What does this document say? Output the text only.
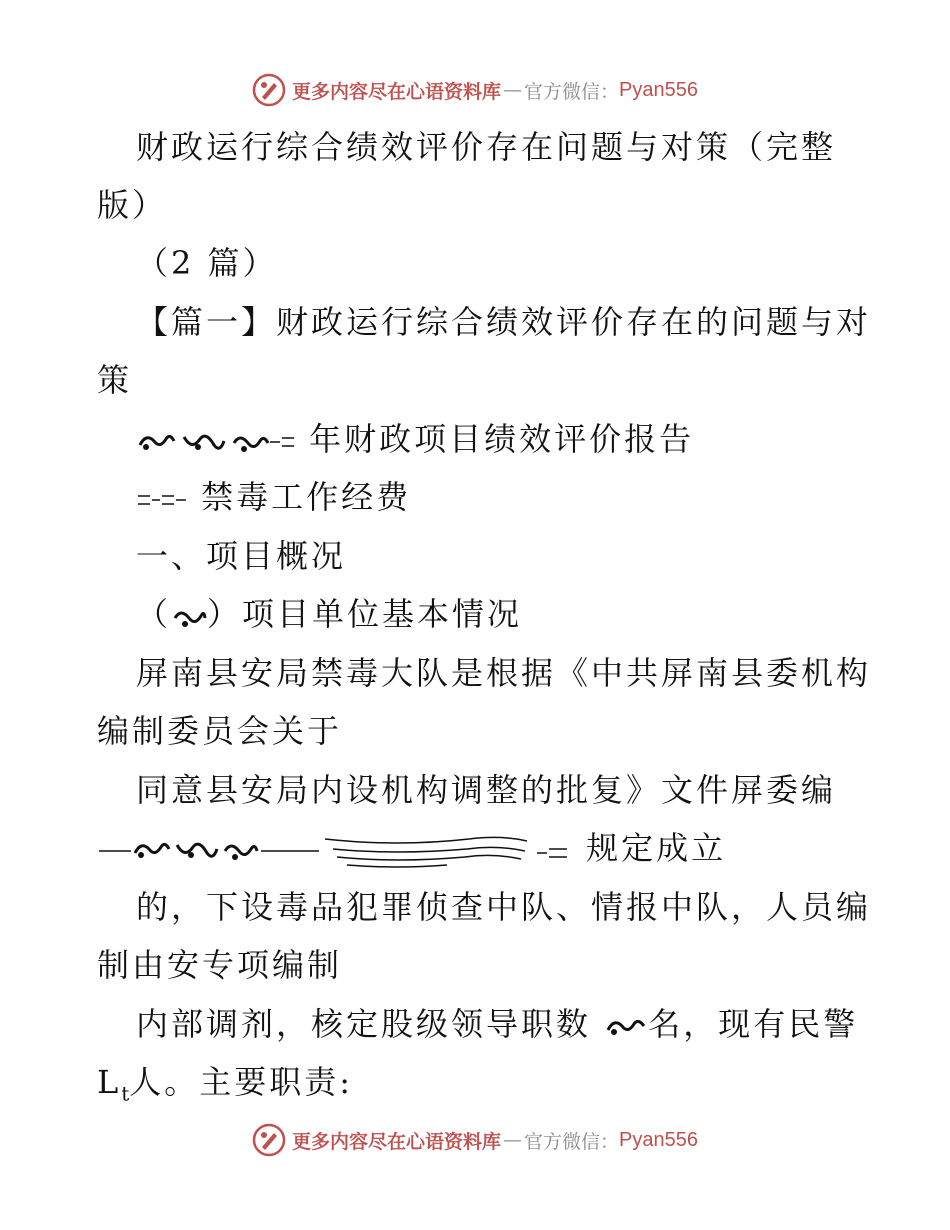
更多内容尽在心语资料库 — 官方微信： Pyan556
财政运行综合绩效评价存在问题与对策（完整
版）
（2 篇）
【篇一】财政运行综合绩效评价存在的问题与对
策
年财政项目绩效评价报告
禁毒工作经费
一、项目概况
（ ）项目单位基本情况
屏南县安局禁毒大队是根据《中共屏南县委机构
编制委员会关于
同意县安局内设机构调整的批复》文件屏委编
规定成立
的，下设毒品犯罪侦查中队、情报中队，人员编
制由安专项编制
内部调剂，核定股级领导职数 名，现有民警
$L_t$人。主要职责:
更多内容尽在心语资料库 — 官方微信： Pyan556
